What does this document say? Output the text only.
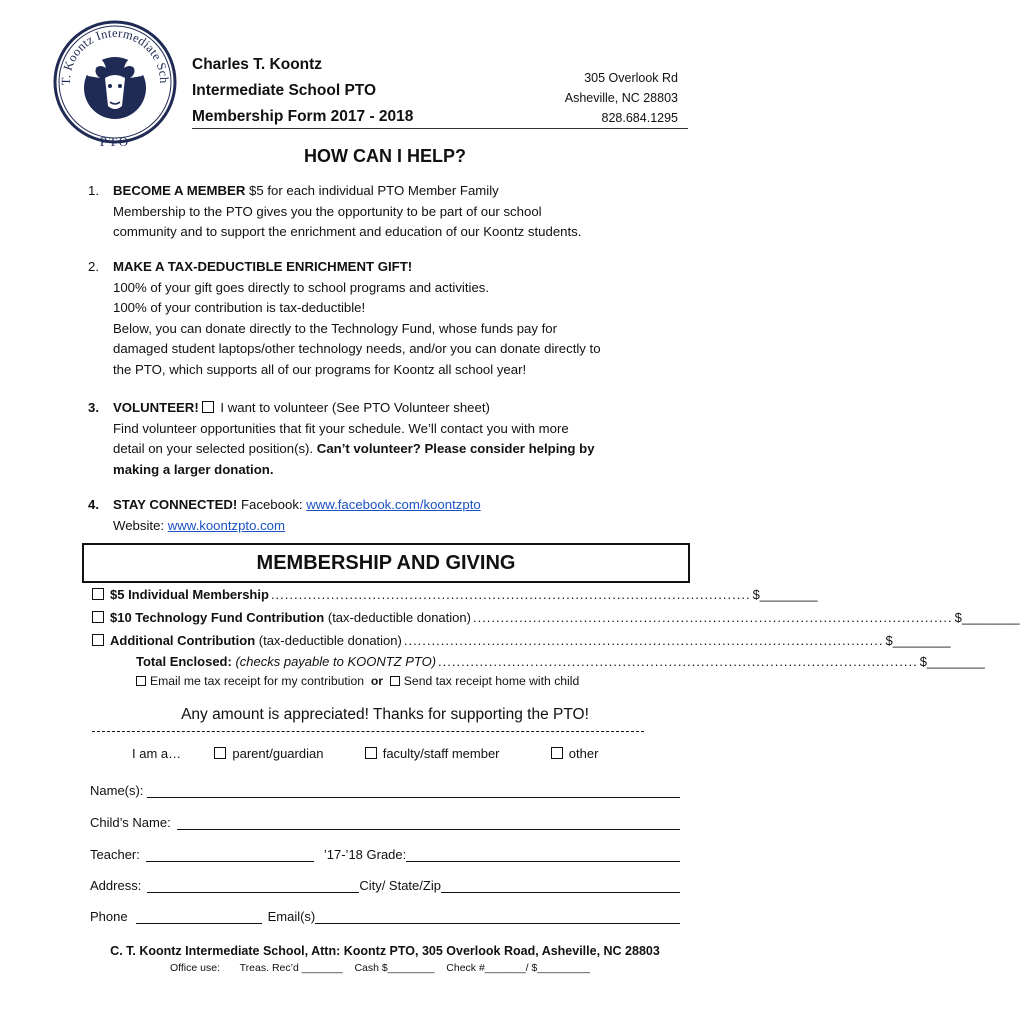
T. Koontz Intermediate Sch
PTO
Charles T. Koontz
Intermediate School PTO
Membership Form 2017 - 2018
305 Overlook Rd
Asheville, NC 28803
828.684.1295
HOW CAN I HELP?
1. BECOME A MEMBER $5 for each individual PTO Member Family
Membership to the PTO gives you the opportunity to be part of our school
community and to support the enrichment and education of our Koontz students.
2. MAKE A TAX-DEDUCTIBLE ENRICHMENT GIFT!
100% of your gift goes directly to school programs and activities.
100% of your contribution is tax-deductible!
Below, you can donate directly to the Technology Fund, whose funds pay for
damaged student laptops/other technology needs, and/or you can donate directly to
the PTO, which supports all of our programs for Koontz all school year!
3. VOLUNTEER! I want to volunteer (See PTO Volunteer sheet)
Find volunteer opportunities that fit your schedule. We’ll contact you with more
detail on your selected position(s). Can’t volunteer? Please consider helping by
making a larger donation.
4. STAY CONNECTED! Facebook: www.facebook.com/koontzpto
Website: www.koontzpto.com
MEMBERSHIP AND GIVING
$5 Individual Membership ........................................................................................................ $________
$10 Technology Fund Contribution (tax-deductible donation) ........................................................................................................ $________
Additional Contribution (tax-deductible donation) ........................................................................................................ $________
Total Enclosed: (checks payable to KOONTZ PTO) ........................................................................................................ $________
Email me tax receipt for my contribution or Send tax receipt home with child
Any amount is appreciated! Thanks for supporting the PTO!
I am a…	parent/guardian	faculty/staff member	other
Name(s):
Child’s Name:
Teacher:	’17-’18 Grade:
Address:	City/ State/Zip
Phone	Email(s)
C. T. Koontz Intermediate School, Attn: Koontz PTO, 305 Overlook Road, Asheville, NC 28803
Office use: Treas. Rec’d _______ Cash $________ Check #_______/ $_________
